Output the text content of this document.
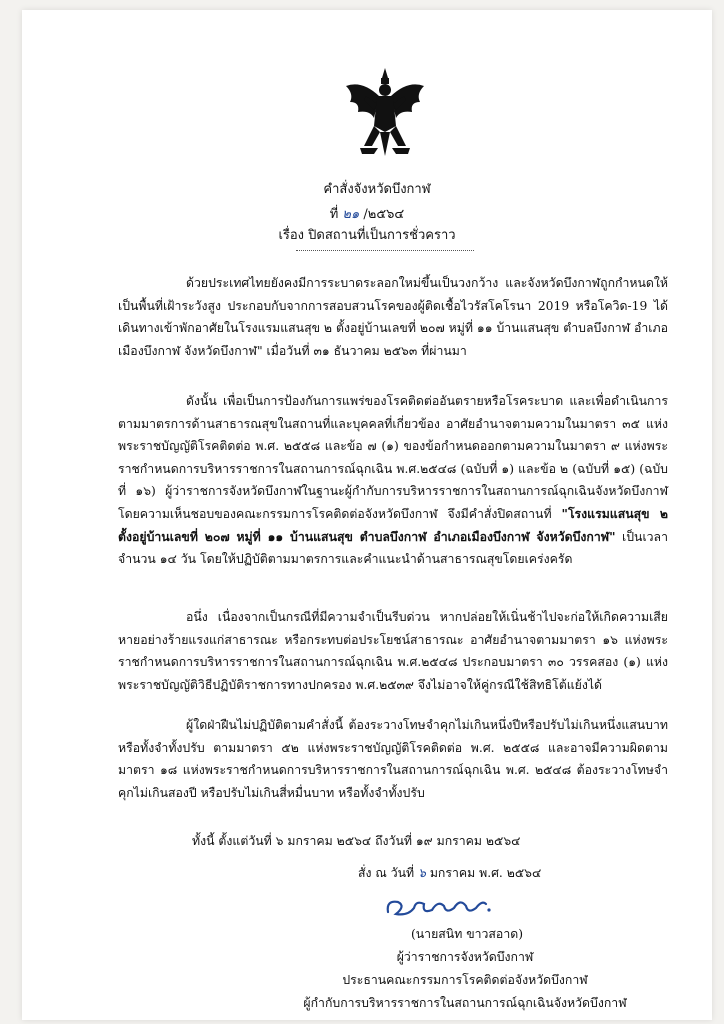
คำสั่งจังหวัดบึงกาฬ
ที่ ๒๑ /๒๕๖๔
เรื่อง ปิดสถานที่เป็นการชั่วคราว
ด้วยประเทศไทยยังคงมีการระบาดระลอกใหม่ขึ้นเป็นวงกว้าง และจังหวัดบึงกาฬถูกกำหนดให้เป็นพื้นที่เฝ้าระวังสูง ประกอบกับจากการสอบสวนโรคของผู้ติดเชื้อไวรัสโคโรนา 2019 หรือโควิด-19 ได้เดินทางเข้าพักอาศัยในโรงแรมแสนสุข ๒ ตั้งอยู่บ้านเลขที่ ๒๐๗ หมู่ที่ ๑๑ บ้านแสนสุข ตำบลบึงกาฬ อำเภอเมืองบึงกาฬ จังหวัดบึงกาฬ" เมื่อวันที่ ๓๑ ธันวาคม ๒๕๖๓ ที่ผ่านมา
ดังนั้น เพื่อเป็นการป้องกันการแพร่ของโรคติดต่ออันตรายหรือโรคระบาด และเพื่อดำเนินการตามมาตรการด้านสาธารณสุขในสถานที่และบุคคลที่เกี่ยวข้อง อาศัยอำนาจตามความในมาตรา ๓๕ แห่งพระราชบัญญัติโรคติดต่อ พ.ศ. ๒๕๕๘ และข้อ ๗ (๑) ของข้อกำหนดออกตามความในมาตรา ๙ แห่งพระราชกำหนดการบริหารราชการในสถานการณ์ฉุกเฉิน พ.ศ.๒๕๔๘ (ฉบับที่ ๑) และข้อ ๒ (ฉบับที่ ๑๕) (ฉบับที่ ๑๖) ผู้ว่าราชการจังหวัดบึงกาฬในฐานะผู้กำกับการบริหารราชการในสถานการณ์ฉุกเฉินจังหวัดบึงกาฬ โดยความเห็นชอบของคณะกรรมการโรคติดต่อจังหวัดบึงกาฬ จึงมีคำสั่งปิดสถานที่ "โรงแรมแสนสุข ๒ ตั้งอยู่บ้านเลขที่ ๒๐๗ หมู่ที่ ๑๑ บ้านแสนสุข ตำบลบึงกาฬ อำเภอเมืองบึงกาฬ จังหวัดบึงกาฬ" เป็นเวลาจำนวน ๑๔ วัน โดยให้ปฏิบัติตามมาตรการและคำแนะนำด้านสาธารณสุขโดยเคร่งครัด
อนึ่ง เนื่องจากเป็นกรณีที่มีความจำเป็นรีบด่วน หากปล่อยให้เนิ่นช้าไปจะก่อให้เกิดความเสียหายอย่างร้ายแรงแก่สาธารณะ หรือกระทบต่อประโยชน์สาธารณะ อาศัยอำนาจตามมาตรา ๑๖ แห่งพระราชกำหนดการบริหารราชการในสถานการณ์ฉุกเฉิน พ.ศ.๒๕๔๘ ประกอบมาตรา ๓๐ วรรคสอง (๑) แห่งพระราชบัญญัติวิธีปฏิบัติราชการทางปกครอง พ.ศ.๒๕๓๙ จึงไม่อาจให้คู่กรณีใช้สิทธิโต้แย้งได้
ผู้ใดฝ่าฝืนไม่ปฏิบัติตามคำสั่งนี้ ต้องระวางโทษจำคุกไม่เกินหนึ่งปีหรือปรับไม่เกินหนึ่งแสนบาท หรือทั้งจำทั้งปรับ ตามมาตรา ๕๒ แห่งพระราชบัญญัติโรคติดต่อ พ.ศ. ๒๕๕๘ และอาจมีความผิดตามมาตรา ๑๘ แห่งพระราชกำหนดการบริหารราชการในสถานการณ์ฉุกเฉิน พ.ศ. ๒๕๔๘ ต้องระวางโทษจำคุกไม่เกินสองปี หรือปรับไม่เกินสี่หมื่นบาท หรือทั้งจำทั้งปรับ
ทั้งนี้ ตั้งแต่วันที่ ๖ มกราคม ๒๕๖๔ ถึงวันที่ ๑๙ มกราคม ๒๕๖๔
สั่ง ณ วันที่ ๖ มกราคม พ.ศ. ๒๕๖๔
(นายสนิท ขาวสอาด)
ผู้ว่าราชการจังหวัดบึงกาฬ
ประธานคณะกรรมการโรคติดต่อจังหวัดบึงกาฬ
ผู้กำกับการบริหารราชการในสถานการณ์ฉุกเฉินจังหวัดบึงกาฬ
